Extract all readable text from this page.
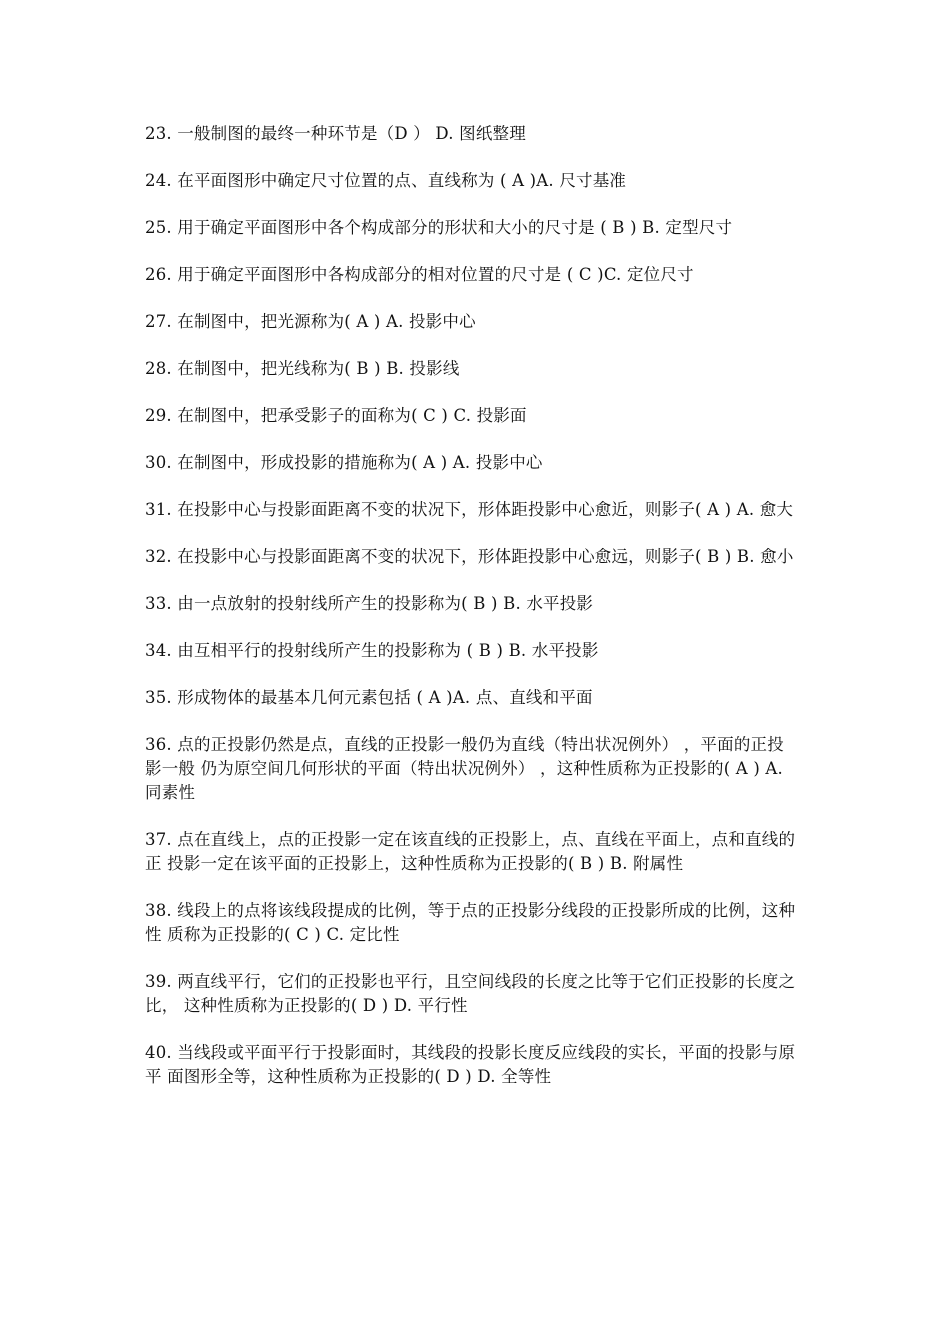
23. 一般制图的最终一种环节是（D ） D. 图纸整理

24. 在平面图形中确定尺寸位置的点、直线称为 ( A )A. 尺寸基准

25. 用于确定平面图形中各个构成部分的形状和大小的尺寸是 ( B ) B. 定型尺寸

26. 用于确定平面图形中各构成部分的相对位置的尺寸是 ( C )C. 定位尺寸

27. 在制图中，把光源称为( A ) A. 投影中心

28. 在制图中，把光线称为( B ) B. 投影线

29. 在制图中，把承受影子的面称为( C ) C. 投影面

30. 在制图中，形成投影的措施称为( A ) A. 投影中心

31. 在投影中心与投影面距离不变的状况下，形体距投影中心愈近，则影子( A ) A. 愈大

32. 在投影中心与投影面距离不变的状况下，形体距投影中心愈远，则影子( B ) B. 愈小

33. 由一点放射的投射线所产生的投影称为( B ) B. 水平投影

34. 由互相平行的投射线所产生的投影称为 ( B ) B. 水平投影

35. 形成物体的最基本几何元素包括 ( A )A. 点、直线和平面

36. 点的正投影仍然是点，直线的正投影一般仍为直线（特出状况例外） ，平面的正投影一般 仍为原空间几何形状的平面（特出状况例外） ，这种性质称为正投影的( A ) A. 同素性

37. 点在直线上，点的正投影一定在该直线的正投影上，点、直线在平面上，点和直线的正 投影一定在该平面的正投影上，这种性质称为正投影的( B ) B. 附属性

38. 线段上的点将该线段提成的比例，等于点的正投影分线段的正投影所成的比例，这种性 质称为正投影的( C ) C. 定比性

39. 两直线平行，它们的正投影也平行，且空间线段的长度之比等于它们正投影的长度之比， 这种性质称为正投影的( D ) D. 平行性

40. 当线段或平面平行于投影面时，其线段的投影长度反应线段的实长，平面的投影与原平 面图形全等，这种性质称为正投影的( D ) D. 全等性
